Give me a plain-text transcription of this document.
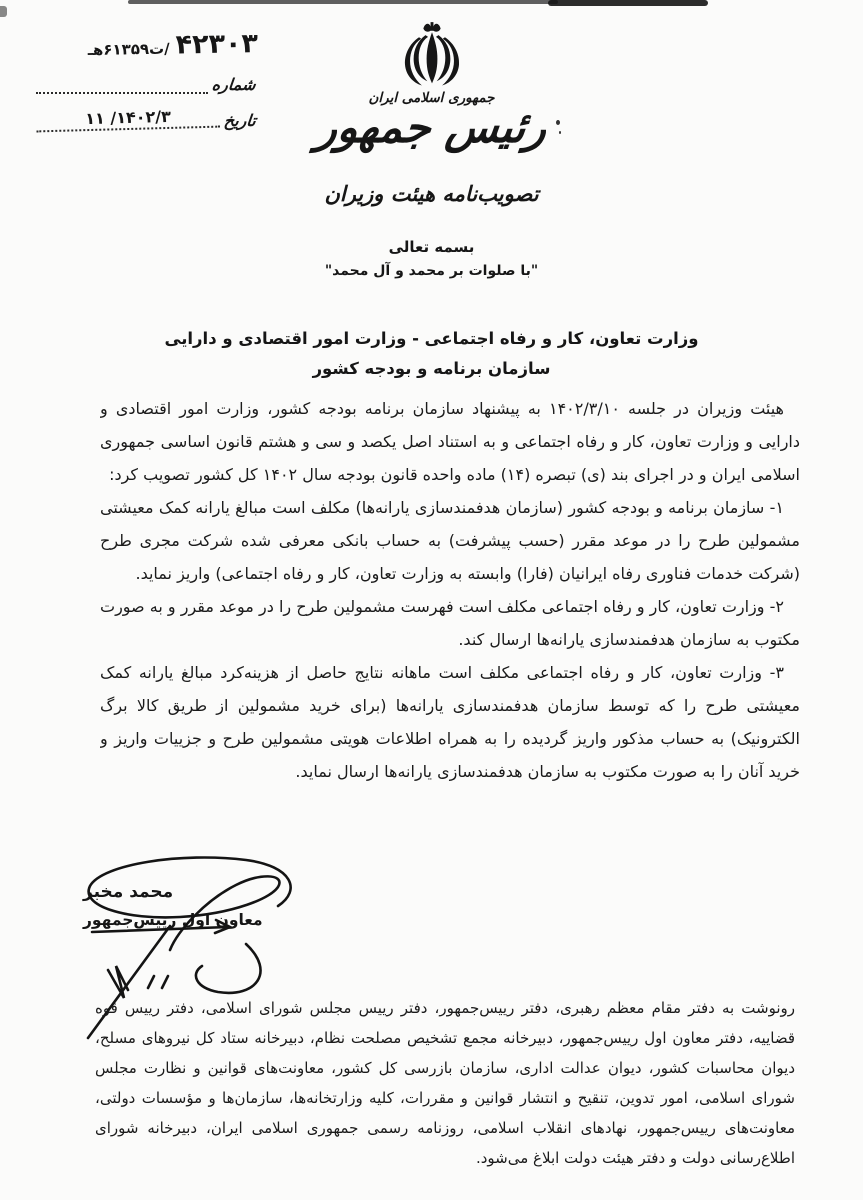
۴۲۳۰۳
/ت۶۱۳۵۹هـ
شماره
تاریخ
۱۴۰۲/۳/ ۱۱
جمهوری اسلامی ایران
رئیس جمهور
تصویب‌نامه هیئت وزیران
بسمه تعالی
"با صلوات بر محمد و آل محمد"
وزارت تعاون، کار و رفاه اجتماعی - وزارت امور اقتصادی و دارایی
سازمان برنامه و بودجه کشور

هیئت وزیران در جلسه ۱۴۰۲/۳/۱۰ به پیشنهاد سازمان برنامه بودجه کشور، وزارت امور اقتصادی و دارایی و وزارت تعاون، کار و رفاه اجتماعی و به استناد اصل یکصد و سی و هشتم قانون اساسی جمهوری اسلامی ایران و در اجرای بند (ی) تبصره (۱۴) ماده واحده قانون بودجه سال ۱۴۰۲ کل کشور تصویب کرد:

۱- سازمان برنامه و بودجه کشور (سازمان هدفمندسازی یارانه‌ها) مکلف است مبالغ یارانه کمک معیشتی مشمولین طرح را در موعد مقرر (حسب پیشرفت) به حساب بانکی معرفی شده شرکت مجری طرح (شرکت خدمات فناوری رفاه ایرانیان (فارا) وابسته به وزارت تعاون، کار و رفاه اجتماعی) واریز نماید.

۲- وزارت تعاون، کار و رفاه اجتماعی مکلف است فهرست مشمولین طرح را در موعد مقرر و به صورت مکتوب به سازمان هدفمندسازی یارانه‌ها ارسال کند.

۳- وزارت تعاون، کار و رفاه اجتماعی مکلف است ماهانه نتایج حاصل از هزینه‌کرد مبالغ یارانه کمک معیشتی طرح را که توسط سازمان هدفمندسازی یارانه‌ها (برای خرید مشمولین از طریق کالا برگ الکترونیک) به حساب مذکور واریز گردیده را به همراه اطلاعات هویتی مشمولین طرح و جزییات واریز و خرید آنان را به صورت مکتوب به سازمان هدفمندسازی یارانه‌ها ارسال نماید.

محمد مخبر
معاون اول رییس‌جمهور

رونوشت به دفتر مقام معظم رهبری، دفتر رییس‌جمهور، دفتر رییس مجلس شورای اسلامی، دفتر رییس قوه قضاییه، دفتر معاون اول رییس‌جمهور، دبیرخانه مجمع تشخیص مصلحت نظام، دبیرخانه ستاد کل نیروهای مسلح، دیوان محاسبات کشور، دیوان عدالت اداری، سازمان بازرسی کل کشور، معاونت‌های قوانین و نظارت مجلس شورای اسلامی، امور تدوین، تنقیح و انتشار قوانین و مقررات، کلیه وزارتخانه‌ها، سازمان‌ها و مؤسسات دولتی، معاونت‌های رییس‌جمهور، نهادهای انقلاب اسلامی، روزنامه رسمی جمهوری اسلامی ایران، دبیرخانه شورای اطلاع‌رسانی دولت و دفتر هیئت دولت ابلاغ می‌شود.
